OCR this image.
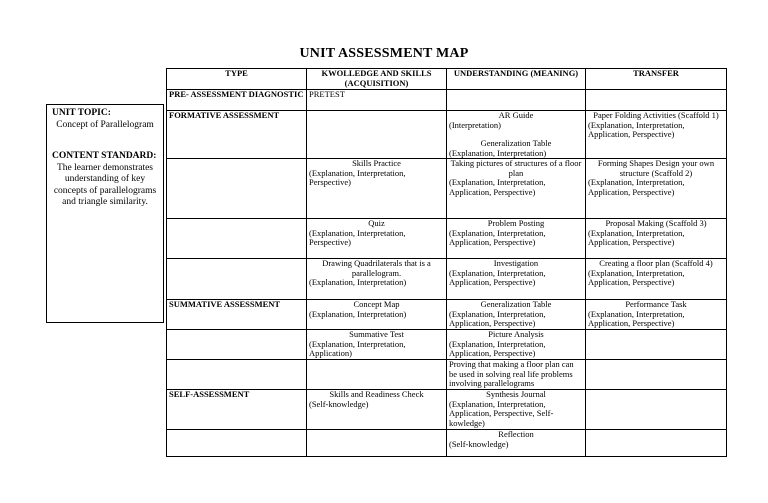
UNIT ASSESSMENT MAP
UNIT TOPIC:
Concept of Parallelogram
CONTENT STANDARD:
The learner demonstrates understanding of key concepts of parallelograms and triangle similarity.
TYPE	KWOLLEDGE AND SKILLS (ACQUISITION)	UNDERSTANDING (MEANING)	TRANSFER
PRE- ASSESSMENT DIAGNOSTIC	PRETEST

FORMATIVE ASSESSMENT		AR Guide
(Interpretation)
Generalization Table
(Explanation, Interpretation)	Paper Folding Activities (Scaffold 1)
(Explanation, Interpretation, Application, Perspective)

	Skills Practice
(Explanation, Interpretation, Perspective)	Taking pictures of structures of a floor plan
(Explanation, Interpretation, Application, Perspective)	Forming Shapes Design your own structure (Scaffold 2)
(Explanation, Interpretation, Application, Perspective)

	Quiz
(Explanation, Interpretation, Perspective)	Problem Posting
(Explanation, Interpretation, Application, Perspective)	Proposal Making (Scaffold 3)
(Explanation, Interpretation, Application, Perspective)

	Drawing Quadrilaterals that is a parallelogram.
(Explanation, Interpretation)	Investigation
(Explanation, Interpretation, Application, Perspective)	Creating a floor plan (Scaffold 4)
(Explanation, Interpretation, Application, Perspective)

SUMMATIVE ASSESSMENT	Concept Map
(Explanation, Interpretation)	Generalization Table
(Explanation, Interpretation, Application, Perspective)	Performance Task
(Explanation, Interpretation, Application, Perspective)

	Summative Test
(Explanation, Interpretation, Application)	Picture Analysis
(Explanation, Interpretation, Application, Perspective)	

		Proving that making a floor plan can be used in solving real life problems involving parallelograms	

SELF-ASSESSMENT	Skills and Readiness Check
(Self-knowledge)	Synthesis Journal
(Explanation, Interpretation, Application, Perspective, Self-kowledge)	

		Reflection
(Self-knowledge)	
